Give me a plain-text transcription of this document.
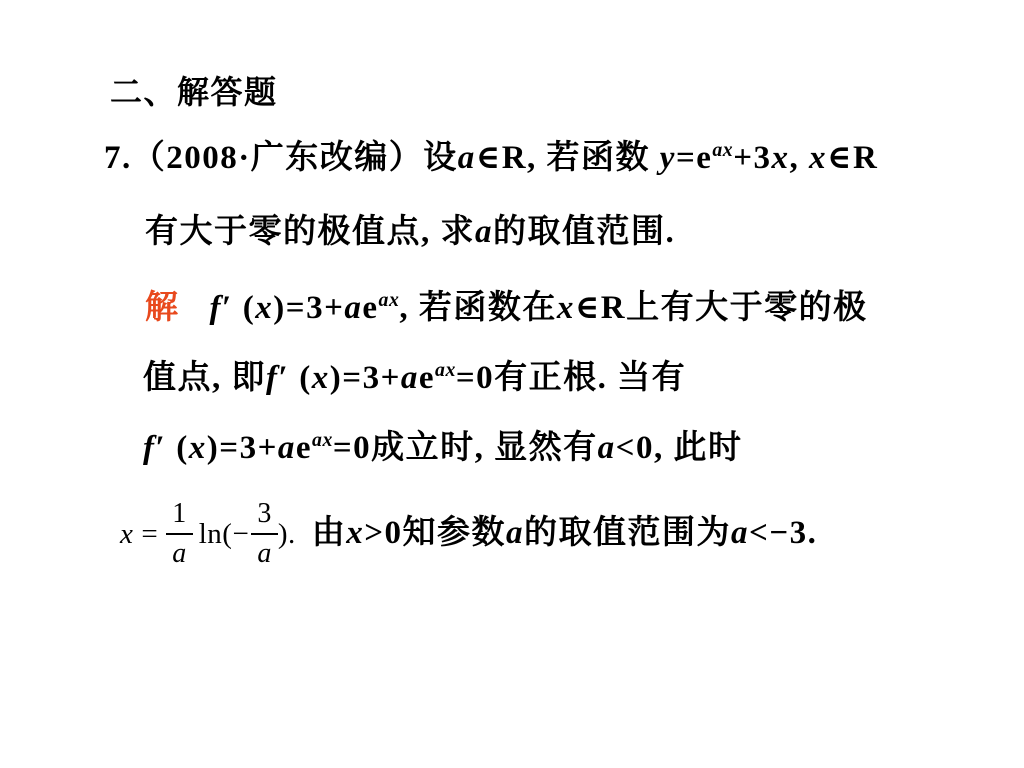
二、解答题
7.（2008·广东改编）设a∈R, 若函数 $y=e^{ax}+3x$, x∈R
有大于零的极值点, 求a的取值范围.
解 f′ $(x)=3+ae^{ax}$, 若函数在x∈R上有大于零的极
值点, 即f′ $(x)=3+ae^{ax}=0$有正根. 当有
f′ $(x)=3+ae^{ax}=0$成立时, 显然有a<0, 此时
$x = \frac{1}{a} \ln(- \frac{3}{a}$ ). 由x>0知参数a的取值范围为a<−3.
